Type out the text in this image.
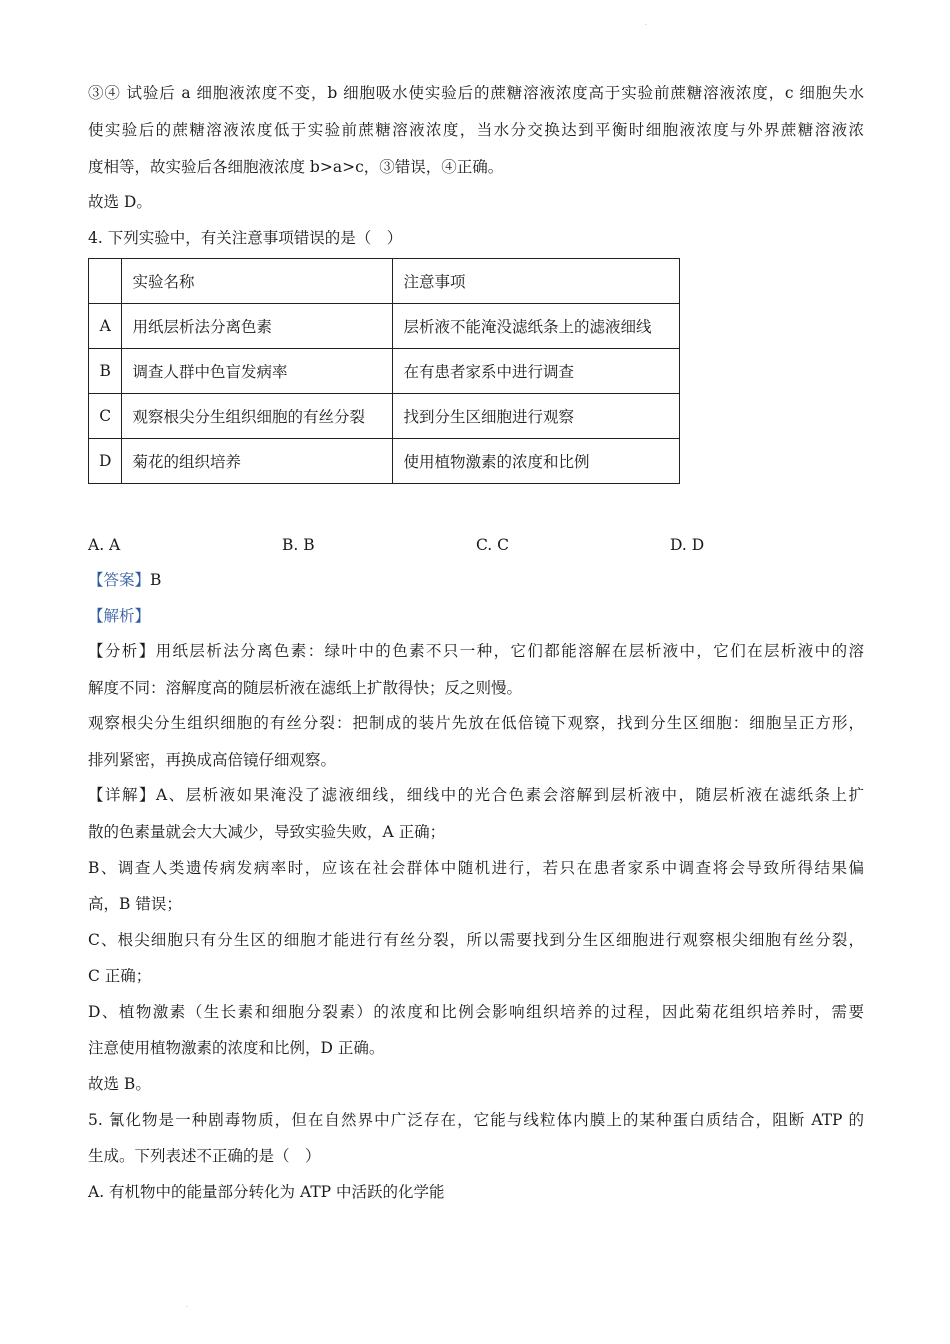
·
③④ 试验后 a 细胞液浓度不变，b 细胞吸水使实验后的蔗糖溶液浓度高于实验前蔗糖溶液浓度，c 细胞失水
使实验后的蔗糖溶液浓度低于实验前蔗糖溶液浓度，当水分交换达到平衡时细胞液浓度与外界蔗糖溶液浓
度相等，故实验后各细胞液浓度 b>a>c，③错误，④正确。
故选 D。
4. 下列实验中，有关注意事项错误的是（　）
	实验名称	注意事项
A	用纸层析法分离色素	层析液不能淹没滤纸条上的滤液细线
B	调查人群中色盲发病率	在有患者家系中进行调查
C	观察根尖分生组织细胞的有丝分裂	找到分生区细胞进行观察
D	菊花的组织培养	使用植物激素的浓度和比例
A. A	B. B	C. C	D. D
【答案】B
【解析】
【分析】用纸层析法分离色素：绿叶中的色素不只一种，它们都能溶解在层析液中，它们在层析液中的溶
解度不同：溶解度高的随层析液在滤纸上扩散得快；反之则慢。
观察根尖分生组织细胞的有丝分裂：把制成的装片先放在低倍镜下观察，找到分生区细胞：细胞呈正方形，
排列紧密，再换成高倍镜仔细观察。
【详解】A、层析液如果淹没了滤液细线，细线中的光合色素会溶解到层析液中，随层析液在滤纸条上扩
散的色素量就会大大减少，导致实验失败，A 正确；
B、调查人类遗传病发病率时，应该在社会群体中随机进行，若只在患者家系中调查将会导致所得结果偏
高，B 错误；
C、根尖细胞只有分生区的细胞才能进行有丝分裂，所以需要找到分生区细胞进行观察根尖细胞有丝分裂，
C 正确；
D、植物激素（生长素和细胞分裂素）的浓度和比例会影响组织培养的过程，因此菊花组织培养时，需要
注意使用植物激素的浓度和比例，D 正确。
故选 B。
5. 氰化物是一种剧毒物质，但在自然界中广泛存在，它能与线粒体内膜上的某种蛋白质结合，阻断 ATP 的
生成。下列表述不正确的是（　）
A. 有机物中的能量部分转化为 ATP 中活跃的化学能
·
